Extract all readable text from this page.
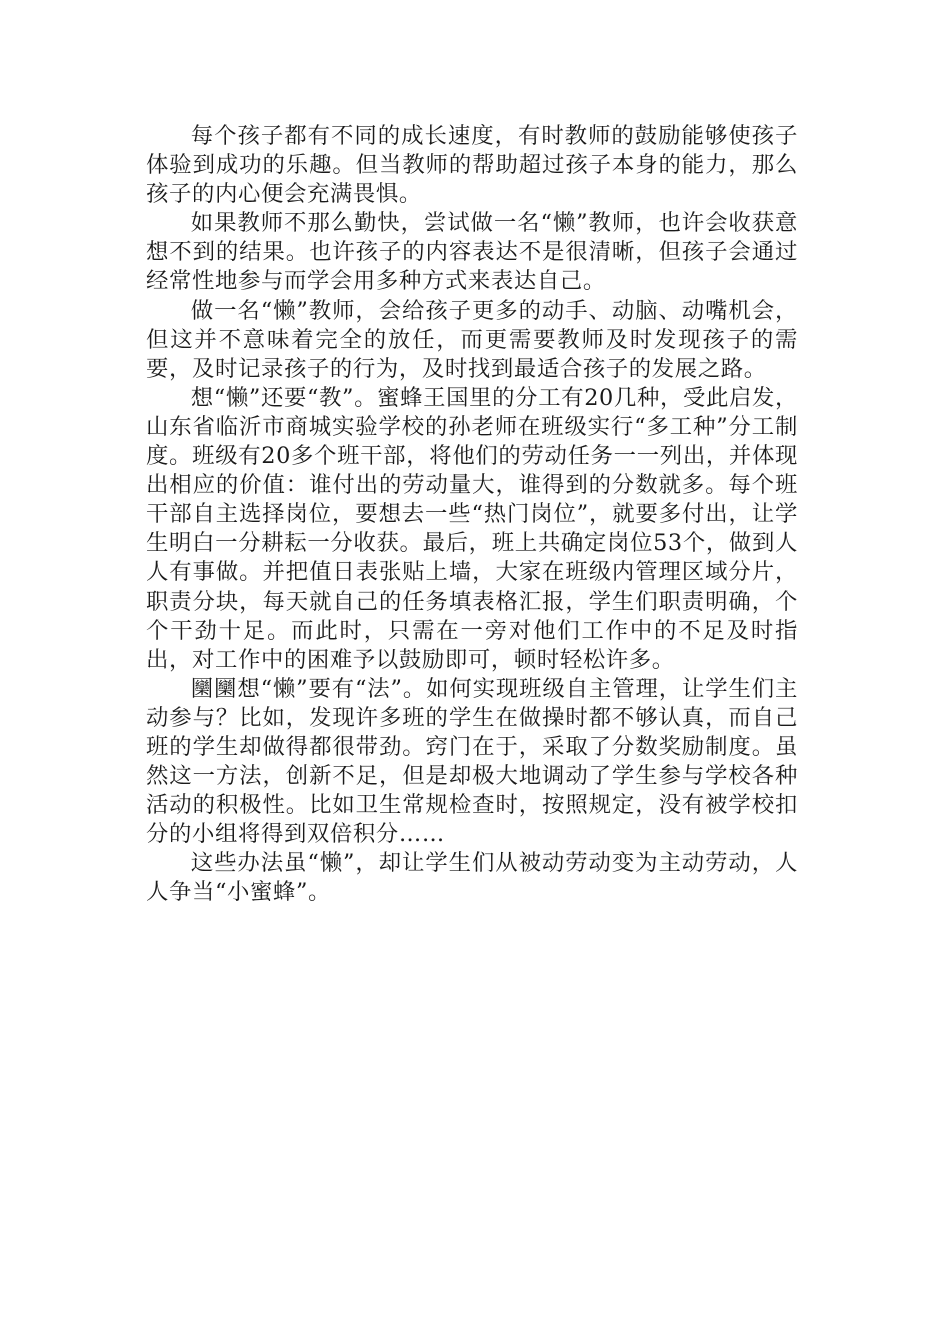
每个孩子都有不同的成长速度，有时教师的鼓励能够使孩子体验到成功的乐趣。但当教师的帮助超过孩子本身的能力，那么孩子的内心便会充满畏惧。

如果教师不那么勤快，尝试做一名“懒”教师，也许会收获意想不到的结果。也许孩子的内容表达不是很清晰，但孩子会通过经常性地参与而学会用多种方式来表达自己。

做一名“懒”教师，会给孩子更多的动手、动脑、动嘴机会，但这并不意味着完全的放任，而更需要教师及时发现孩子的需要，及时记录孩子的行为，及时找到最适合孩子的发展之路。

想“懒”还要“教”。蜜蜂王国里的分工有20几种，受此启发，山东省临沂市商城实验学校的孙老师在班级实行“多工种”分工制度。班级有20多个班干部，将他们的劳动任务一一列出，并体现出相应的价值：谁付出的劳动量大，谁得到的分数就多。每个班干部自主选择岗位，要想去一些“热门岗位”，就要多付出，让学生明白一分耕耘一分收获。最后，班上共确定岗位53个，做到人人有事做。并把值日表张贴上墙，大家在班级内管理区域分片，职责分块，每天就自己的任务填表格汇报，学生们职责明确，个个干劲十足。而此时，只需在一旁对他们工作中的不足及时指出，对工作中的困难予以鼓励即可，顿时轻松许多。

圞圞想“懒”要有“法”。如何实现班级自主管理，让学生们主动参与？比如，发现许多班的学生在做操时都不够认真，而自己班的学生却做得都很带劲。窍门在于，采取了分数奖励制度。虽然这一方法，创新不足，但是却极大地调动了学生参与学校各种活动的积极性。比如卫生常规检查时，按照规定，没有被学校扣分的小组将得到双倍积分……

这些办法虽“懒”，却让学生们从被动劳动变为主动劳动，人人争当“小蜜蜂”。
